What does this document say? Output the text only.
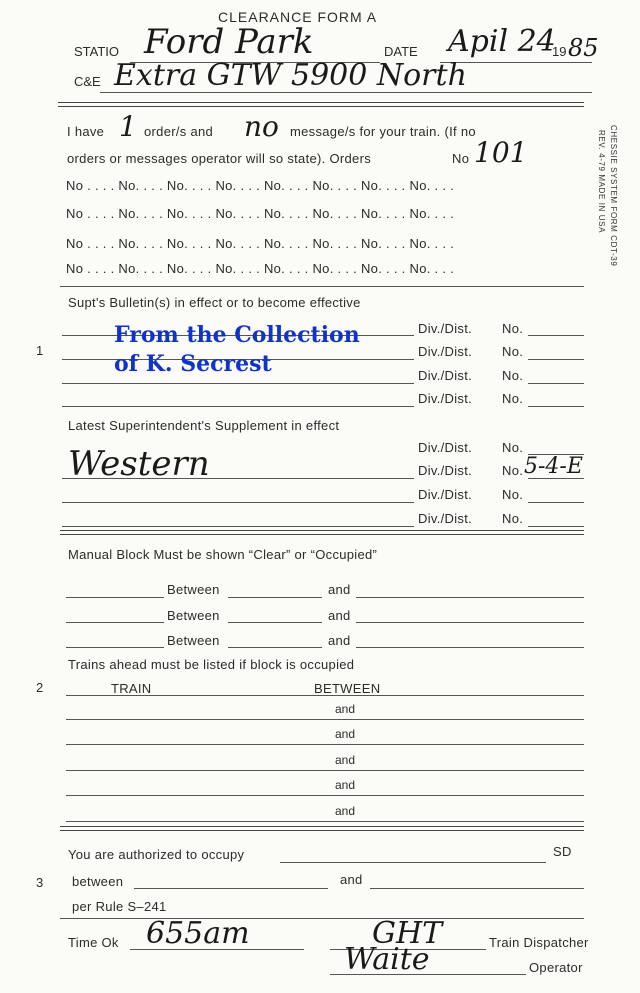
CLEARANCE FORM A
STATIO Ford Park	DATE Apil 24
19 85
C&E Extra GTW 5900 North
CHESSIE SYSTEM FORM CDT-39
REV. 4-79 MADE IN USA
I have 1 order/s and no message/s for your train. (If no
orders or messages operator will so state). Orders	No 101
No . . . . No. . . . No. . . . No. . . . No. . . . No. . . . No. . . . No. . . .
No . . . . No. . . . No. . . . No. . . . No. . . . No. . . . No. . . . No. . . .
No . . . . No. . . . No. . . . No. . . . No. . . . No. . . . No. . . . No. . . .
No . . . . No. . . . No. . . . No. . . . No. . . . No. . . . No. . . . No. . . .
Supt's Bulletin(s) in effect or to become effective
1
Div./Dist. No.
Div./Dist. No.
Div./Dist. No.
Div./Dist. No.
From the Collection
of K. Secrest
Latest Superintendent's Supplement in effect
Western	Div./Dist. No.
Div./Dist. No. 5-4-E
Div./Dist. No.
Div./Dist. No.
Manual Block Must be shown “Clear” or “Occupied”
Between	and
Between	and
Between	and
Trains ahead must be listed if block is occupied
2	TRAIN	BETWEEN
and
and
and
and
and
You are authorized to occupy	SD
3 between	and
per Rule S–241
Time Ok 655am	GHT	Train Dispatcher
Waite	Operator
